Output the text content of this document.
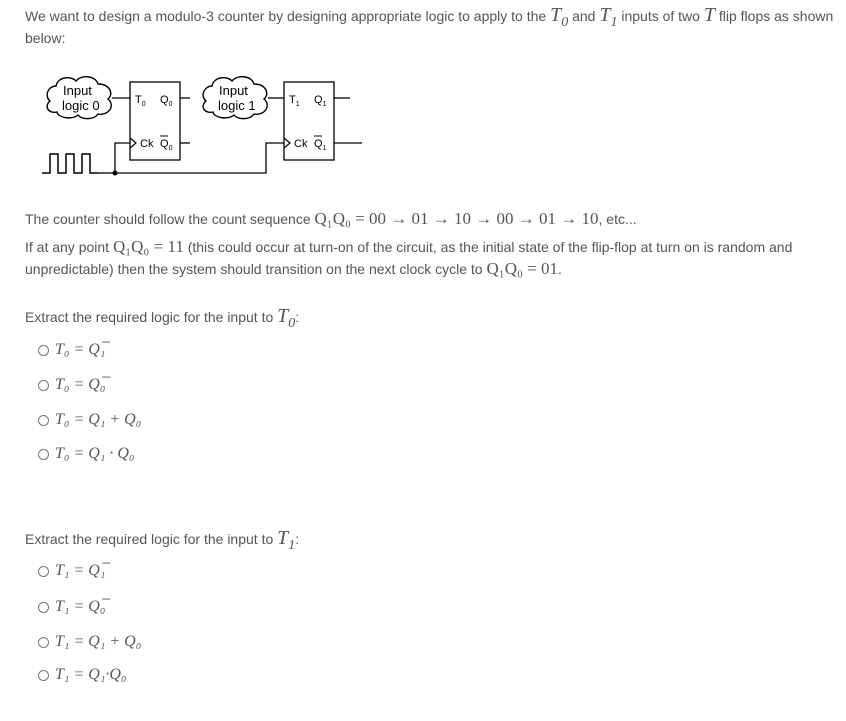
We want to design a modulo-3 counter by designing appropriate logic to apply to the $T_0$ and $T_1$ inputs of two T flip flops as shown below:
Input
logic 0	$T_0$ $Q_0$
Ck $Q_0$
Input
logic 1	$T_1$ $Q_1$
Ck $Q_1$
The counter should follow the count sequence Q₁Q₀ = 00 → 01 → 10 → 00 → 01 → 10, etc...
If at any point Q₁Q₀ = 11 (this could occur at turn-on of the circuit, as the initial state of the flip-flop at turn on is random and unpredictable) then the system should transition on the next clock cycle to Q₁Q₀ = 01.
Extract the required logic for the input to $T_0$:
T₀ = Q₁̅
T₀ = Q₀̅
T₀ = Q₁ + Q₀
T₀ = Q₁ · Q₀
Extract the required logic for the input to $T_1$:
T₁ = Q₁̅
T₁ = Q₀̅
T₁ = Q₁ + Q₀
T₁ = Q₁·Q₀
